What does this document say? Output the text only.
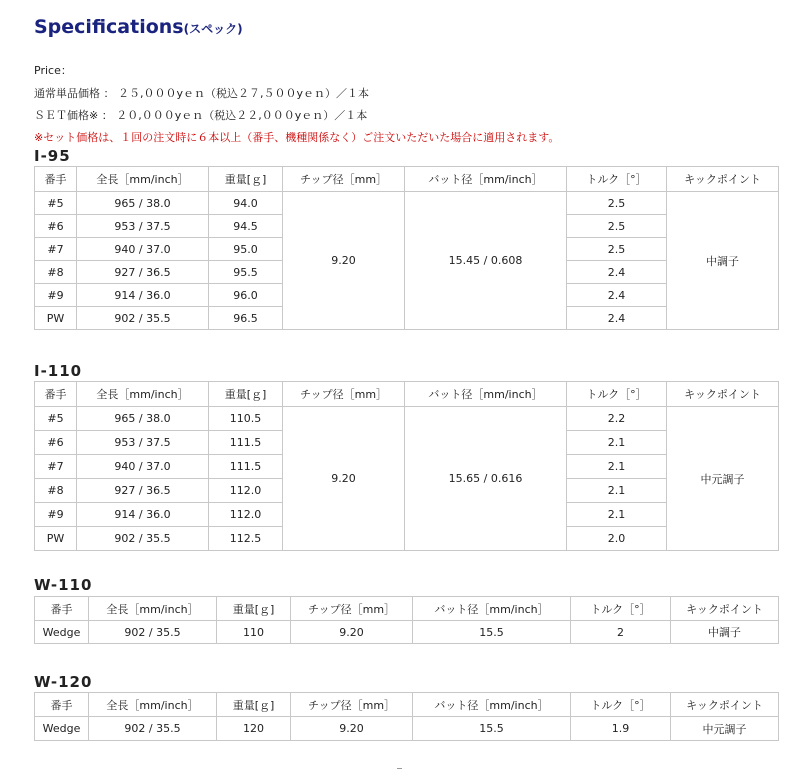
Specifications(スペック)
Price：
通常単品価格 ： ２５,０００yｅｎ（税込２７,５００yｅｎ）／１本
ＳＥＴ価格※ ： ２０,０００yｅｎ（税込２２,０００yｅｎ）／１本
※セット価格は、１回の注文時に６本以上（番手、機種関係なく）ご注文いただいた場合に適用されます。
I-95
番手	全長［mm/inch］	重量[ｇ]	チップ径［mm］	バット径［mm/inch］	トルク［°］	キックポイント
#5	965 / 38.0	94.0	9.20	15.45 / 0.608	2.5	中調子
#6	953 / 37.5	94.5			2.5	
#7	940 / 37.0	95.0			2.5	
#8	927 / 36.5	95.5			2.4	
#9	914 / 36.0	96.0			2.4	
PW	902 / 35.5	96.5			2.4	
I-110
番手	全長［mm/inch］	重量[ｇ]	チップ径［mm］	バット径［mm/inch］	トルク［°］	キックポイント
#5	965 / 38.0	110.5	9.20	15.65 / 0.616	2.2	中元調子
#6	953 / 37.5	111.5			2.1	
#7	940 / 37.0	111.5			2.1	
#8	927 / 36.5	112.0			2.1	
#9	914 / 36.0	112.0			2.1	
PW	902 / 35.5	112.5			2.0	
W-110
番手	全長［mm/inch］	重量[ｇ]	チップ径［mm］	バット径［mm/inch］	トルク［°］	キックポイント
Wedge	902 / 35.5	110	9.20	15.5	2	中調子
W-120
番手	全長［mm/inch］	重量[ｇ]	チップ径［mm］	バット径［mm/inch］	トルク［°］	キックポイント
Wedge	902 / 35.5	120	9.20	15.5	1.9	中元調子
